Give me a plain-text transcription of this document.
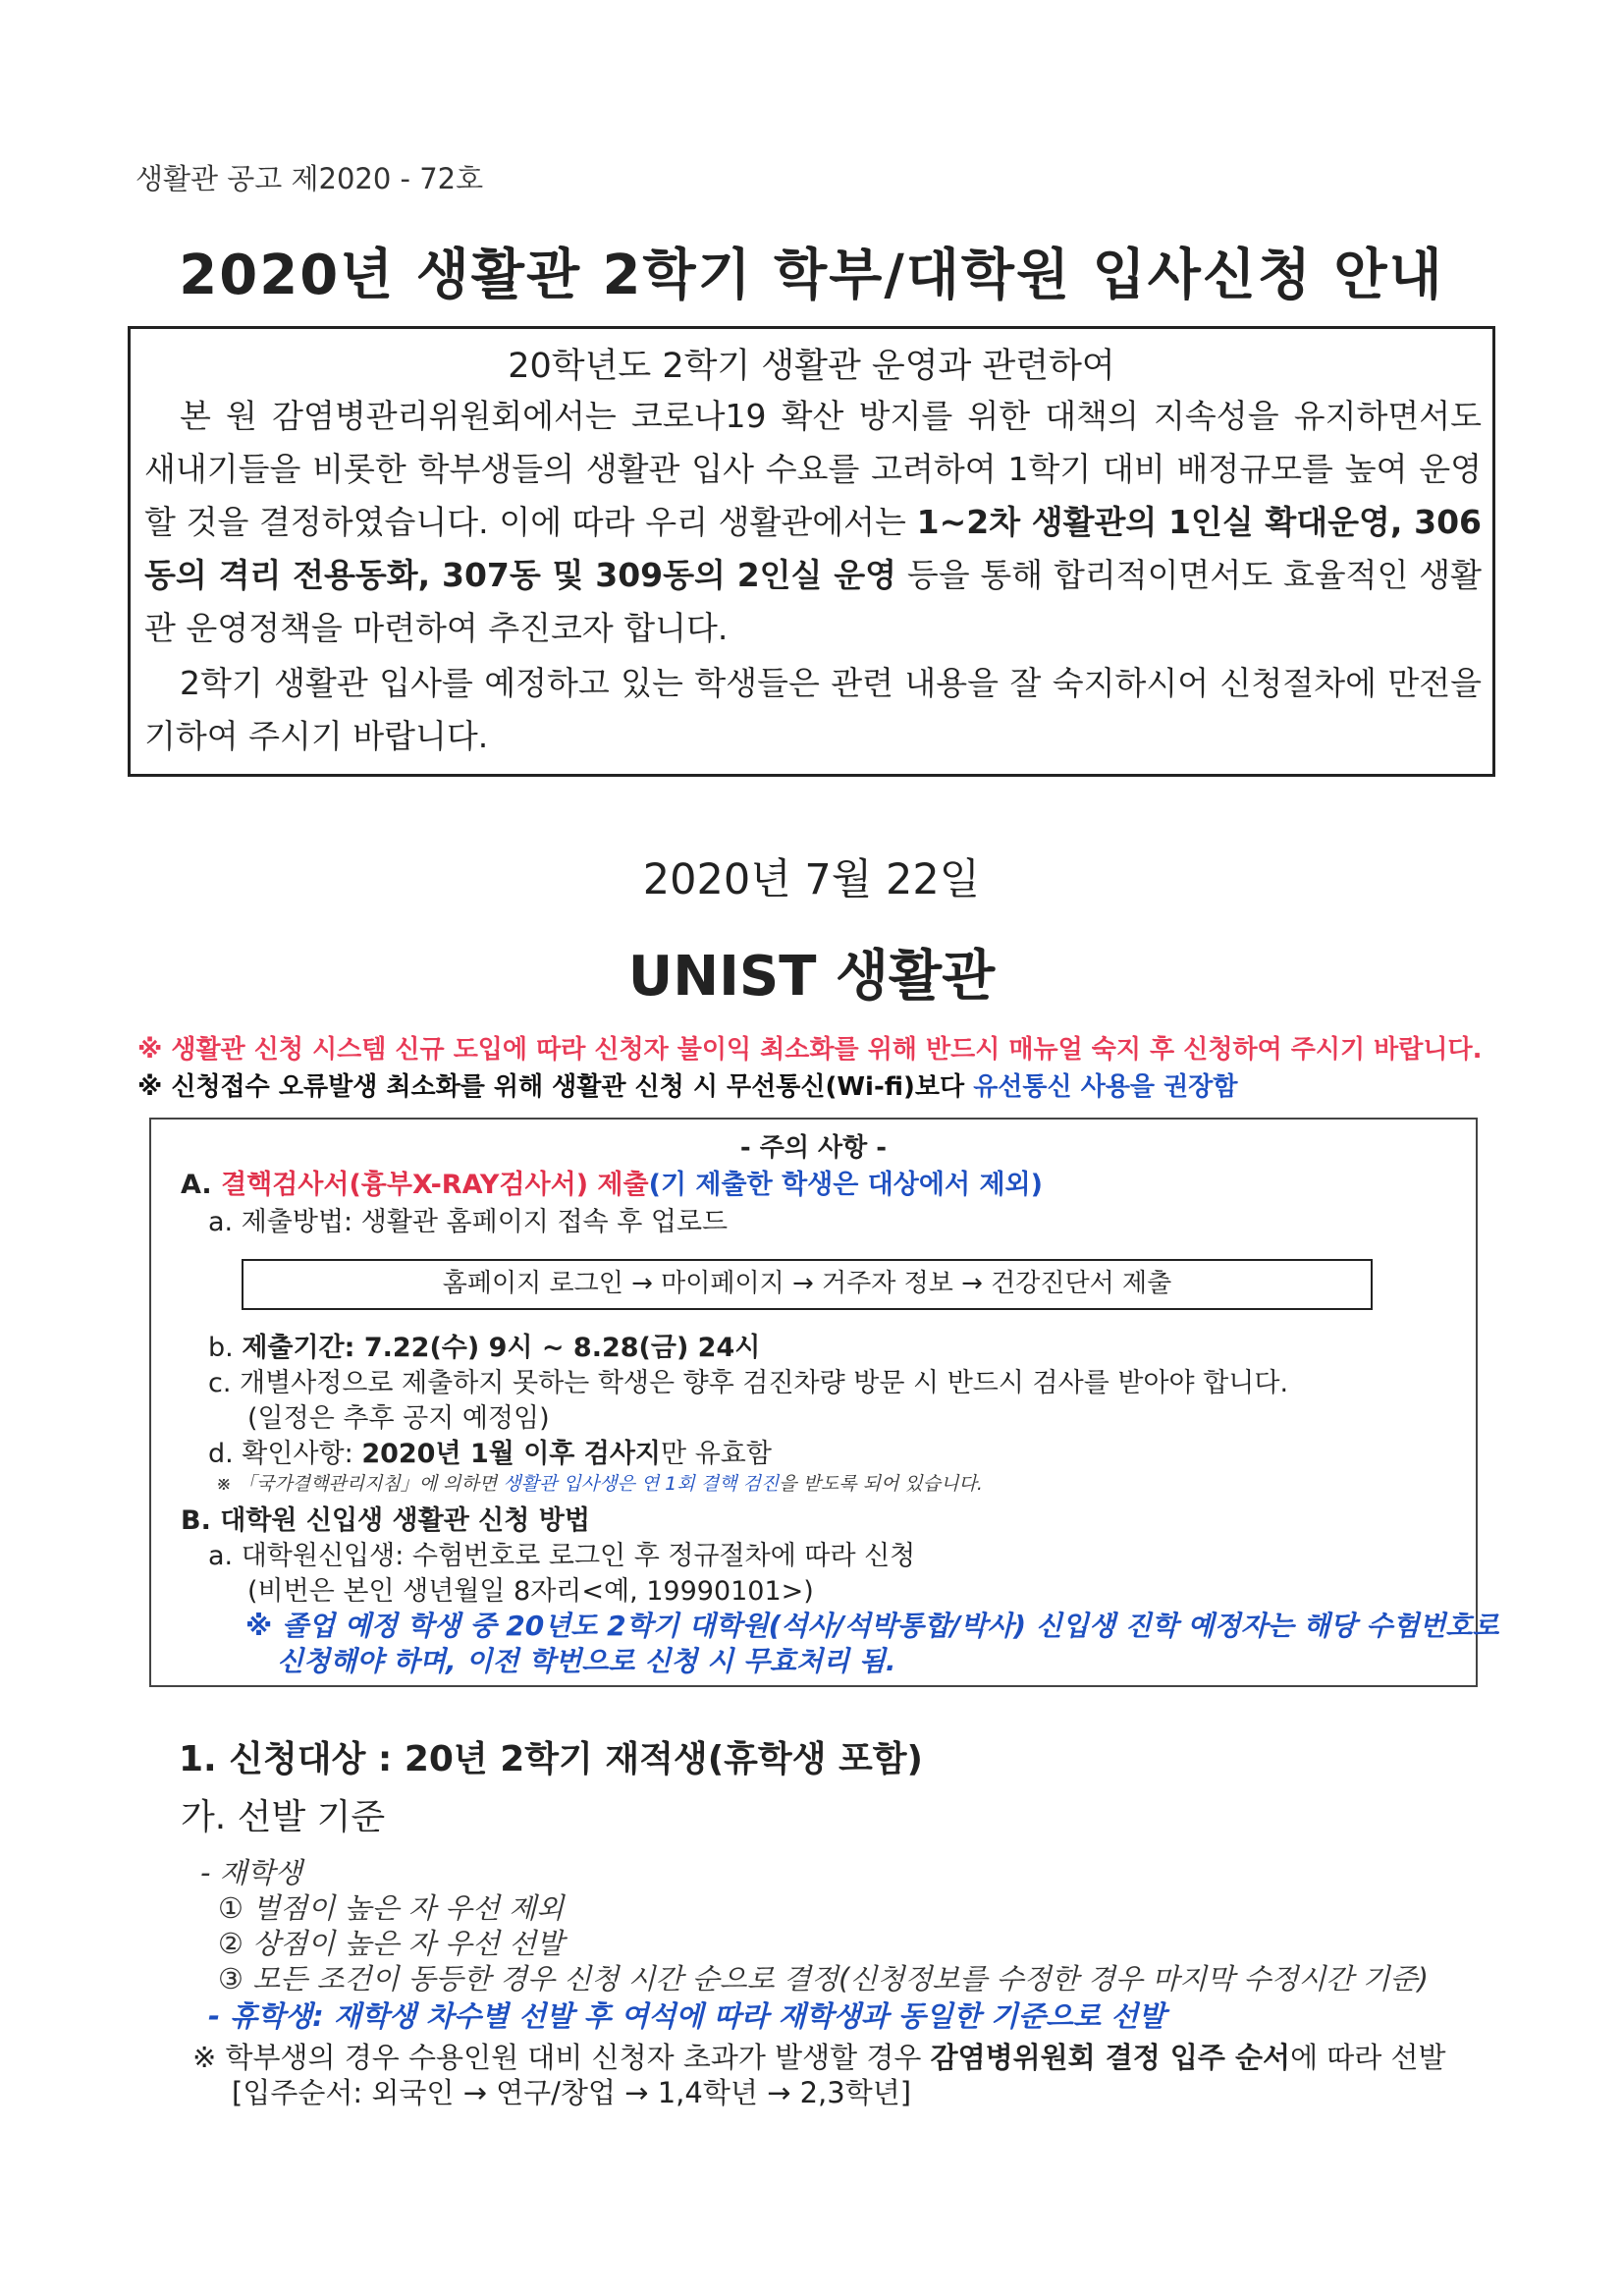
생활관 공고 제2020 - 72호
2020년 생활관 2학기 학부/대학원 입사신청 안내
20학년도 2학기 생활관 운영과 관련하여
본 원 감염병관리위원회에서는 코로나19 확산 방지를 위한 대책의 지속성을 유지하면서도 새내기들을 비롯한 학부생들의 생활관 입사 수요를 고려하여 1학기 대비 배정규모를 높여 운영할 것을 결정하였습니다. 이에 따라 우리 생활관에서는 1~2차 생활관의 1인실 확대운영, 306동의 격리 전용동화, 307동 및 309동의 2인실 운영 등을 통해 합리적이면서도 효율적인 생활관 운영정책을 마련하여 추진코자 합니다.
2학기 생활관 입사를 예정하고 있는 학생들은 관련 내용을 잘 숙지하시어 신청절차에 만전을 기하여 주시기 바랍니다.
2020년 7월 22일
UNIST 생활관
※ 생활관 신청 시스템 신규 도입에 따라 신청자 불이익 최소화를 위해 반드시 매뉴얼 숙지 후 신청하여 주시기 바랍니다.
※ 신청접수 오류발생 최소화를 위해 생활관 신청 시 무선통신(Wi-fi)보다 유선통신 사용을 권장함
- 주의 사항 -
A. 결핵검사서(흉부X-RAY검사서) 제출(기 제출한 학생은 대상에서 제외)
a. 제출방법: 생활관 홈페이지 접속 후 업로드
홈페이지 로그인 → 마이페이지 → 거주자 정보 → 건강진단서 제출
b. 제출기간: 7.22(수) 9시 ~ 8.28(금) 24시
c. 개별사정으로 제출하지 못하는 학생은 향후 검진차량 방문 시 반드시 검사를 받아야 합니다.
(일정은 추후 공지 예정임)
d. 확인사항: 2020년 1월 이후 검사지만 유효함
※ 「국가결핵관리지침」에 의하면 생활관 입사생은 연 1회 결핵 검진을 받도록 되어 있습니다.
B. 대학원 신입생 생활관 신청 방법
a. 대학원신입생: 수험번호로 로그인 후 정규절차에 따라 신청
(비번은 본인 생년월일 8자리<예, 19990101>)
※ 졸업 예정 학생 중 20년도 2학기 대학원(석사/석박통합/박사) 신입생 진학 예정자는 해당 수험번호로
신청해야 하며, 이전 학번으로 신청 시 무효처리 됨.
1. 신청대상 : 20년 2학기 재적생(휴학생 포함)
가. 선발 기준
- 재학생
① 벌점이 높은 자 우선 제외
② 상점이 높은 자 우선 선발
③ 모든 조건이 동등한 경우 신청 시간 순으로 결정(신청정보를 수정한 경우 마지막 수정시간 기준)
- 휴학생: 재학생 차수별 선발 후 여석에 따라 재학생과 동일한 기준으로 선발
※ 학부생의 경우 수용인원 대비 신청자 초과가 발생할 경우 감염병위원회 결정 입주 순서에 따라 선발
[입주순서: 외국인 → 연구/창업 → 1,4학년 → 2,3학년]
